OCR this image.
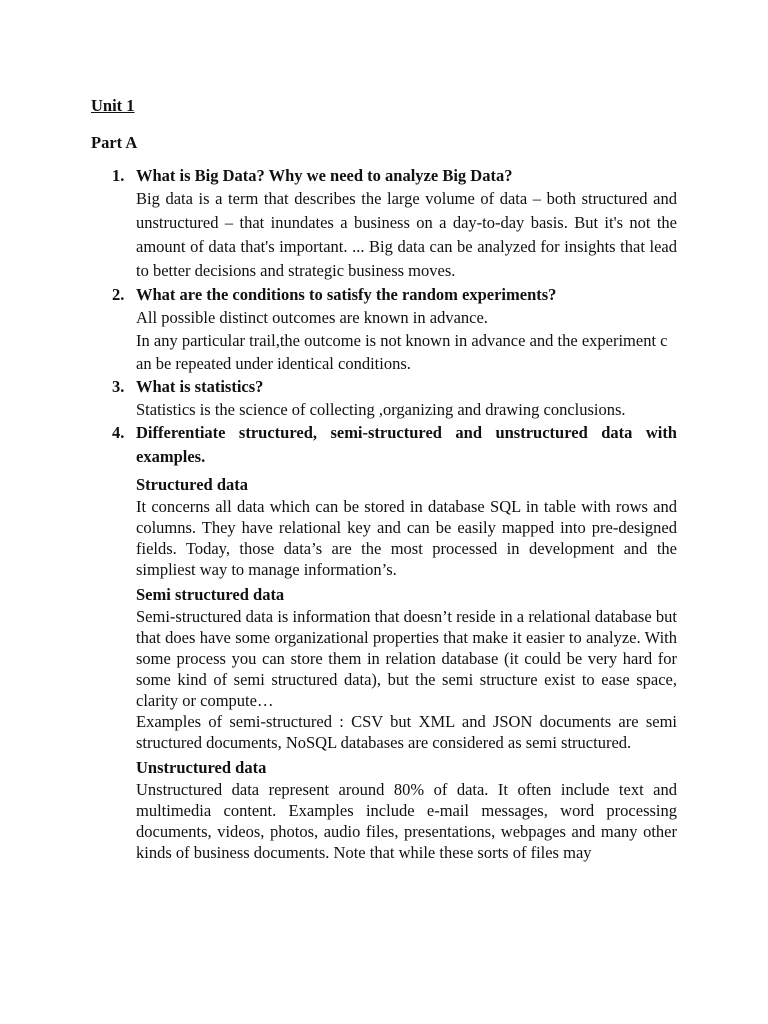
Unit 1
Part A
1. What is Big Data? Why we need to analyze Big Data?

Big data is a term that describes the large volume of data – both structured and unstructured – that inundates a business on a day-to-day basis. But it's not the amount of data that's important. ... Big data can be analyzed for insights that lead to better decisions and strategic business moves.

2. What are the conditions to satisfy the random experiments?

All possible distinct outcomes are known in advance.

In any particular trail,the outcome is not known in advance and the experiment c

an be repeated under identical conditions.

3. What is statistics?

Statistics is the science of collecting ,organizing and drawing conclusions.

4. Differentiate structured, semi-structured and unstructured data with examples.
Structured data

It concerns all data which can be stored in database SQL in table with rows and columns. They have relational key and can be easily mapped into pre-designed fields. Today, those data’s are the most processed in development and the simpliest way to manage information’s.

Semi structured data

Semi-structured data is information that doesn’t reside in a relational database but that does have some organizational properties that make it easier to analyze. With some process you can store them in relation database (it could be very hard for some kind of semi structured data), but the semi structure exist to ease space, clarity or compute…

Examples of semi-structured : CSV but XML and JSON documents are semi structured documents, NoSQL databases are considered as semi structured.

Unstructured data

Unstructured data represent around 80% of data. It often include text and multimedia content. Examples include e-mail messages, word processing documents, videos, photos, audio files, presentations, webpages and many other kinds of business documents. Note that while these sorts of files may
